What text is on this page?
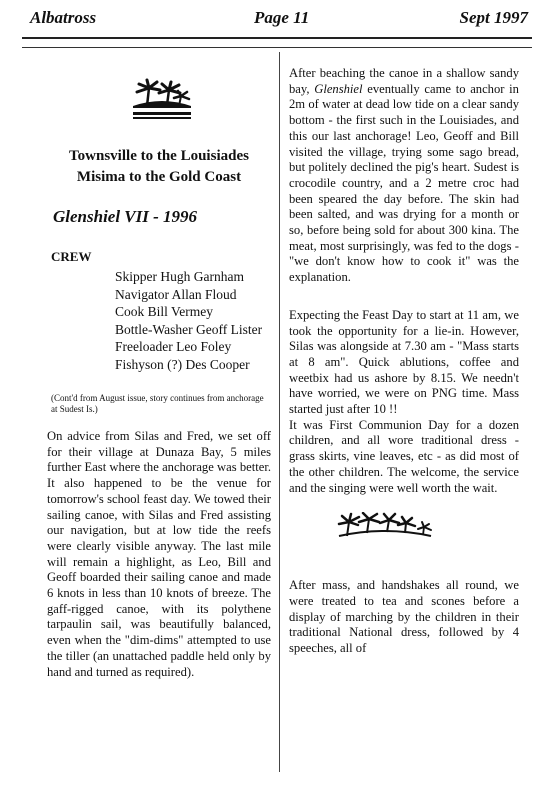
Albatross	Page 11	Sept 1997
Townsville to the Louisiades
Misima to the Gold Coast
Glenshiel VII - 1996
CREW
Skipper Hugh Garnham
Navigator Allan Floud
Cook Bill Vermey
Bottle-Washer Geoff Lister
Freeloader Leo Foley
Fishyson (?) Des Cooper
(Cont'd from August issue, story continues from anchorage at Sudest Is.)

On advice from Silas and Fred, we set off for their village at Dunaza Bay, 5 miles further East where the anchorage was better. It also happened to be the venue for tomorrow's school feast day. We towed their sailing canoe, with Silas and Fred assisting our navigation, but at low tide the reefs were clearly visible anyway. The last mile will remain a highlight, as Leo, Bill and Geoff boarded their sailing canoe and made 6 knots in less than 10 knots of breeze. The gaff-rigged canoe, with its polythene tarpaulin sail, was beautifully balanced, even when the "dim-dims" attempted to use the tiller (an unattached paddle held only by hand and turned as required).

After beaching the canoe in a shallow sandy bay, Glenshiel eventually came to anchor in 2m of water at dead low tide on a clear sandy bottom - the first such in the Louisiades, and this our last anchorage! Leo, Geoff and Bill visited the village, trying some sago bread, but politely declined the pig's heart. Sudest is crocodile country, and a 2 metre croc had been speared the day before. The skin had been salted, and was drying for a month or so, before being sold for about 300 kina. The meat, most surprisingly, was fed to the dogs - "we don't know how to cook it" was the explanation.

Expecting the Feast Day to start at 11 am, we took the opportunity for a lie-in. However, Silas was alongside at 7.30 am - "Mass starts at 8 am". Quick ablutions, coffee and weetbix had us ashore by 8.15. We needn't have worried, we were on PNG time. Mass started just after 10 !!

It was First Communion Day for a dozen children, and all wore traditional dress - grass skirts, vine leaves, etc - as did most of the other children. The welcome, the service and the singing were well worth the wait.

After mass, and handshakes all round, we were treated to tea and scones before a display of marching by the children in their traditional National dress, followed by 4 speeches, all of
